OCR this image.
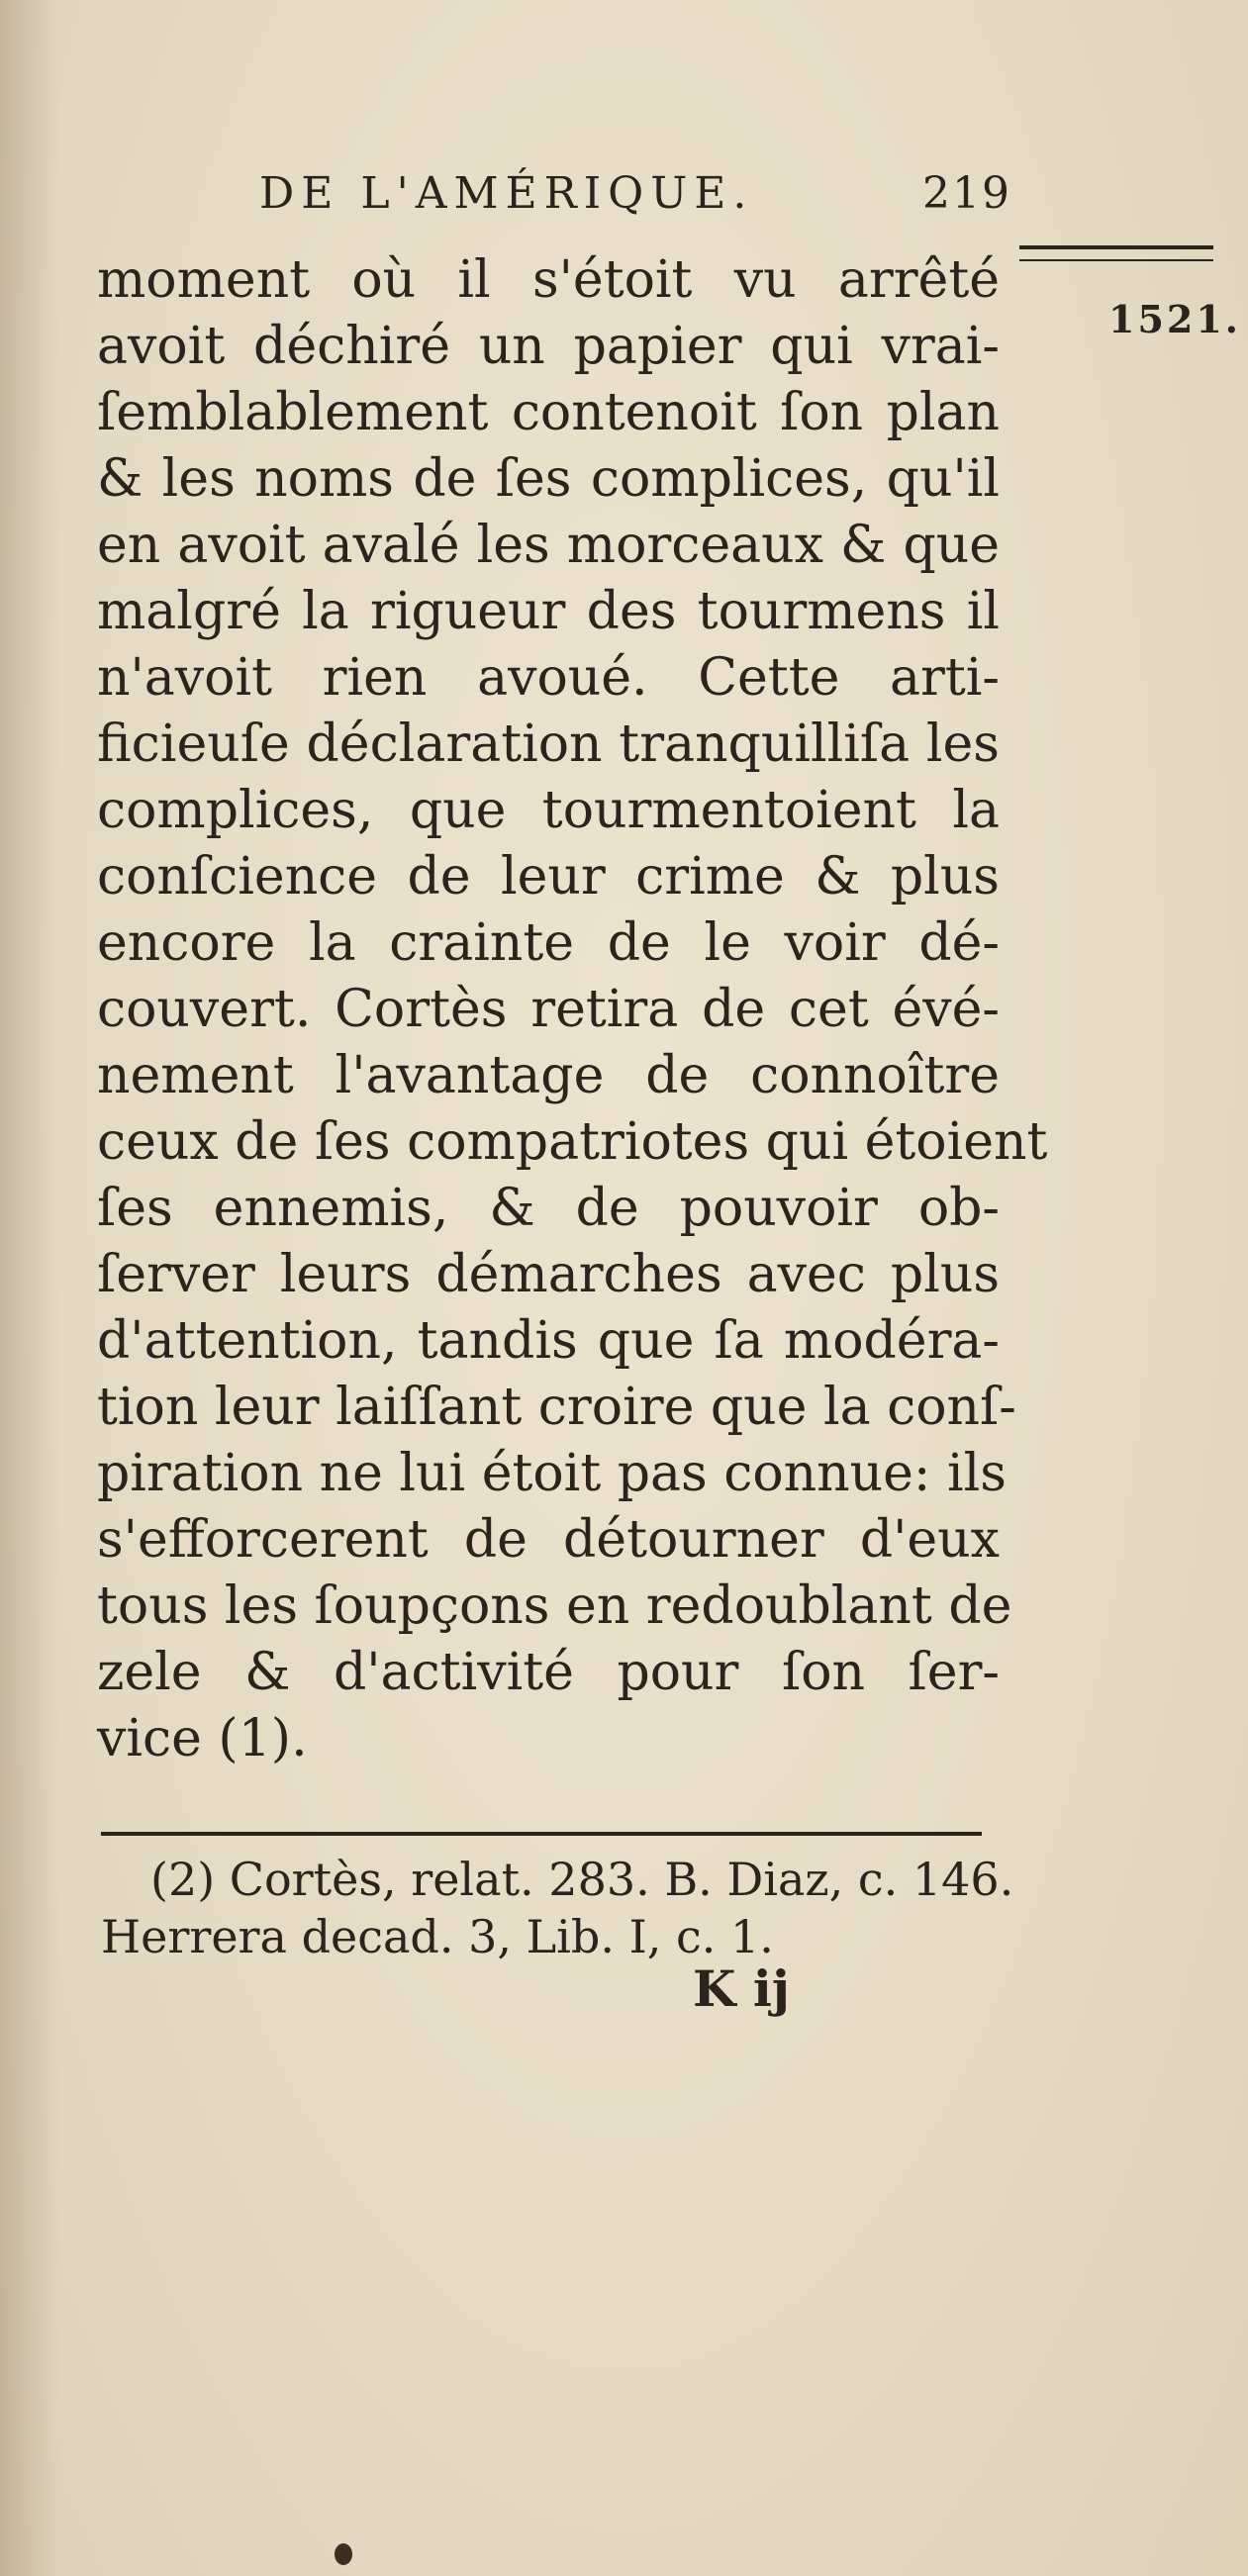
DE L'AMÉRIQUE.	219
1521.
moment où il s'étoit vu arrêté
avoit déchiré un papier qui vrai-
ſemblablement contenoit ſon plan
& les noms de ſes complices, qu'il
en avoit avalé les morceaux & que
malgré la rigueur des tourmens il
n'avoit rien avoué. Cette arti-
ficieuſe déclaration tranquilliſa les
complices, que tourmentoient la
conſcience de leur crime & plus
encore la crainte de le voir dé-
couvert. Cortès retira de cet évé-
nement l'avantage de connoître
ceux de ſes compatriotes qui étoient
ſes ennemis, & de pouvoir ob-
ſerver leurs démarches avec plus
d'attention, tandis que ſa modéra-
tion leur laiſſant croire que la conſ-
piration ne lui étoit pas connue: ils
s'efforcerent de détourner d'eux
tous les ſoupçons en redoublant de
zele & d'activité pour ſon ſer-
vice (1).
(2) Cortès, relat. 283. B. Diaz, c. 146.
Herrera decad. 3, Lib. I, c. 1.
K ij
